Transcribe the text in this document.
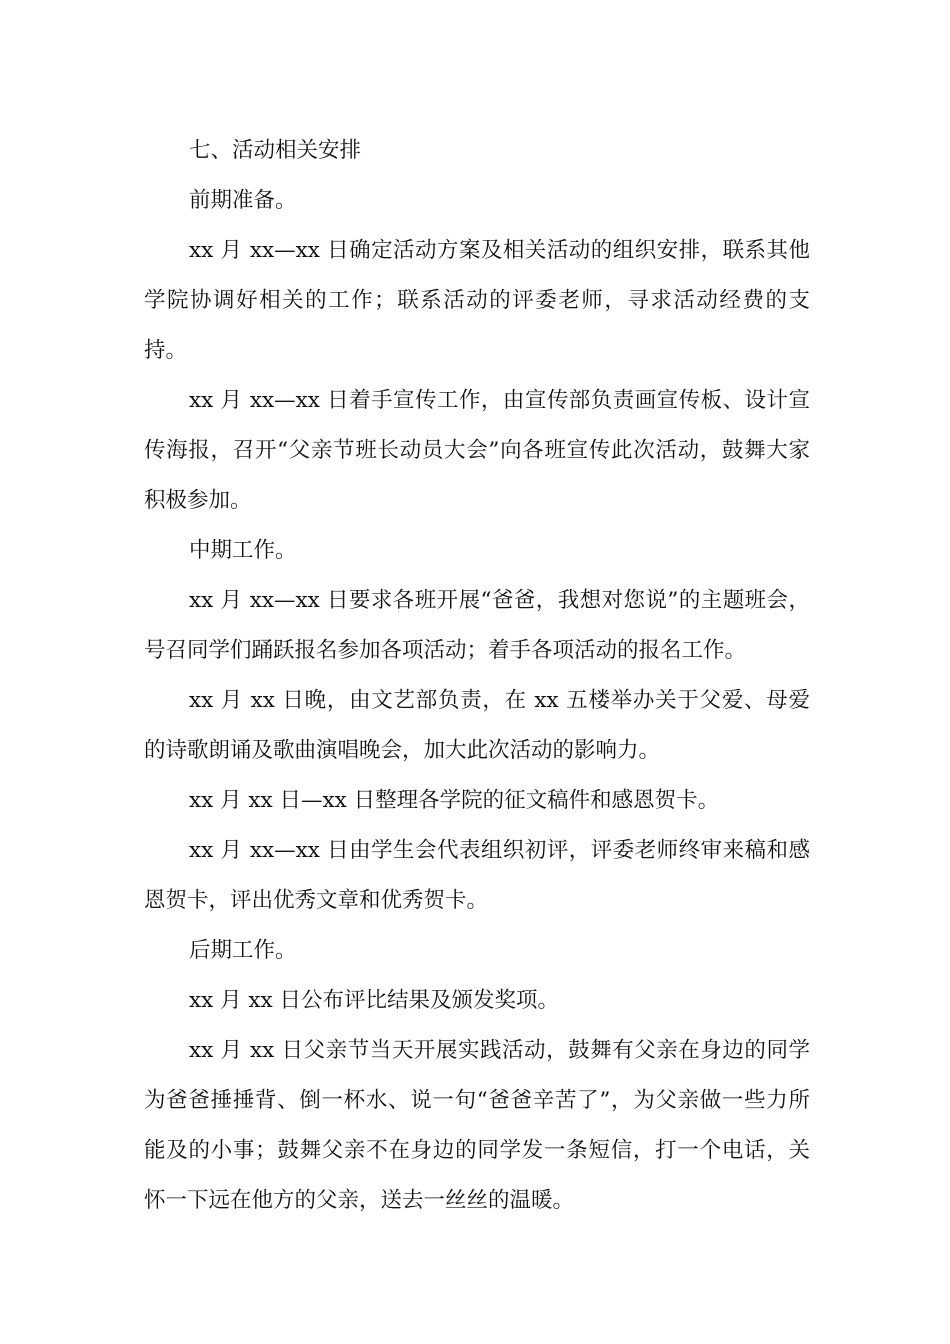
七、活动相关安排

前期准备。

xx 月 xx—xx 日确定活动方案及相关活动的组织安排，联系其他学院协调好相关的工作；联系活动的评委老师，寻求活动经费的支持。

xx 月 xx—xx 日着手宣传工作，由宣传部负责画宣传板、设计宣传海报，召开“父亲节班长动员大会”向各班宣传此次活动，鼓舞大家积极参加。

中期工作。

xx 月 xx—xx 日要求各班开展“爸爸，我想对您说”的主题班会，号召同学们踊跃报名参加各项活动；着手各项活动的报名工作。

xx 月 xx 日晚，由文艺部负责，在 xx 五楼举办关于父爱、母爱的诗歌朗诵及歌曲演唱晚会，加大此次活动的影响力。

xx 月 xx 日—xx 日整理各学院的征文稿件和感恩贺卡。

xx 月 xx—xx 日由学生会代表组织初评，评委老师终审来稿和感恩贺卡，评出优秀文章和优秀贺卡。

后期工作。

xx 月 xx 日公布评比结果及颁发奖项。

xx 月 xx 日父亲节当天开展实践活动，鼓舞有父亲在身边的同学为爸爸捶捶背、倒一杯水、说一句“爸爸辛苦了”，为父亲做一些力所能及的小事；鼓舞父亲不在身边的同学发一条短信，打一个电话，关怀一下远在他方的父亲，送去一丝丝的温暖。
